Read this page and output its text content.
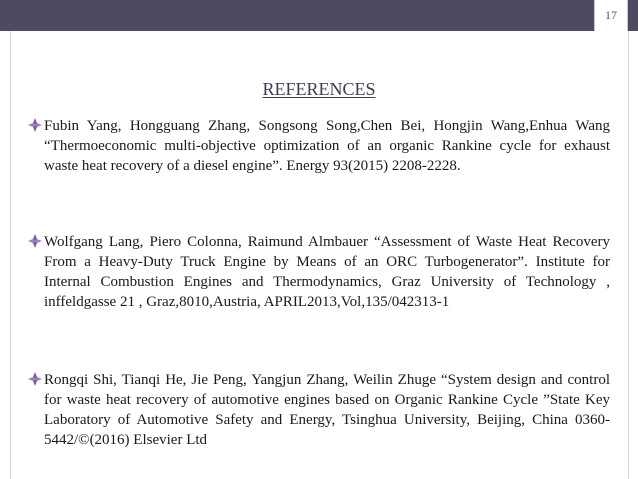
17
REFERENCES
Fubin Yang, Hongguang Zhang, Songsong Song,Chen Bei, Hongjin Wang,Enhua Wang “Thermoeconomic multi-objective optimization of an organic Rankine cycle for exhaust waste heat recovery of a diesel engine”. Energy 93(2015) 2208-2228.
Wolfgang Lang, Piero Colonna, Raimund Almbauer “Assessment of Waste Heat Recovery From a Heavy-Duty Truck Engine by Means of an ORC Turbogenerator”. Institute for Internal Combustion Engines and Thermodynamics, Graz University of Technology , inffeldgasse 21 , Graz,8010,Austria, APRIL2013,Vol,135/042313-1
Rongqi Shi, Tianqi He, Jie Peng, Yangjun Zhang, Weilin Zhuge “System design and control for waste heat recovery of automotive engines based on Organic Rankine Cycle ”State Key Laboratory of Automotive Safety and Energy, Tsinghua University, Beijing, China 0360-5442/©(2016) Elsevier Ltd
